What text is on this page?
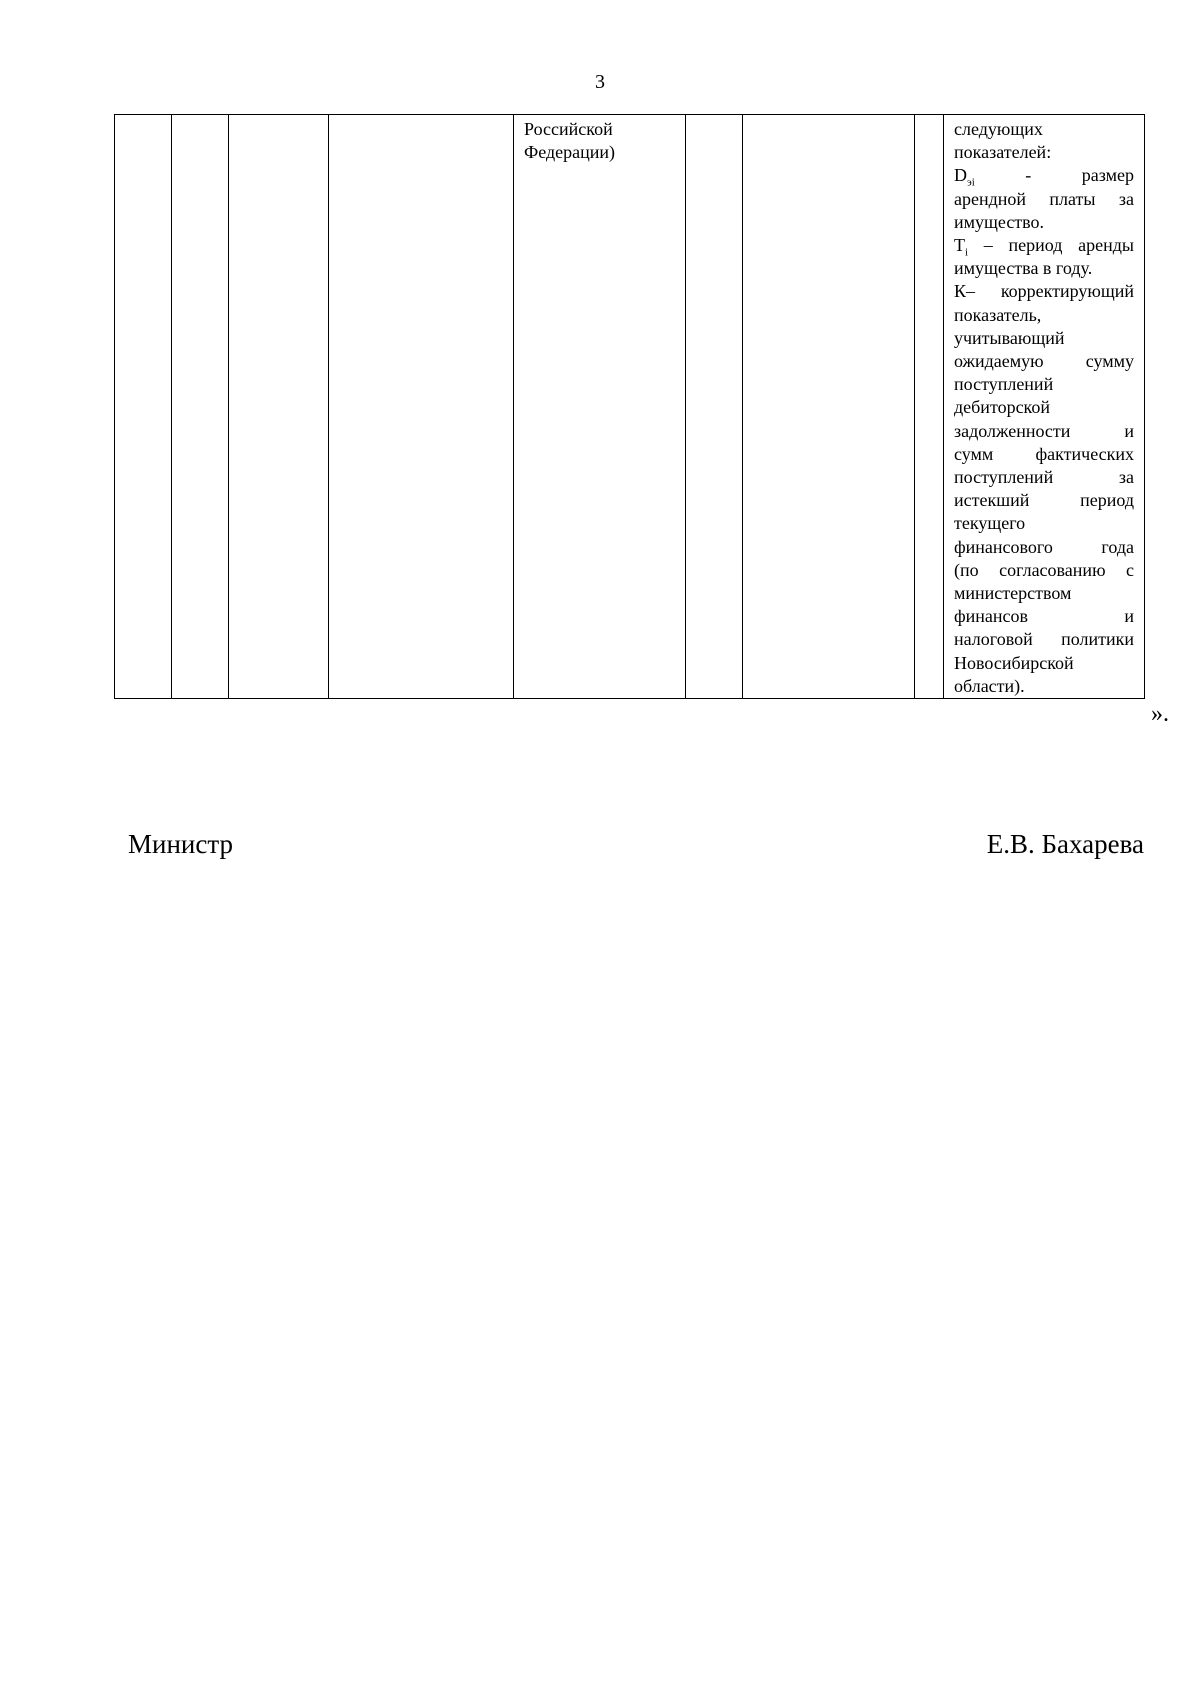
3

Российской
Федерации)

следующих
показателей:
$D_{эi}$ - размер
арендной платы за
имущество.
$T_i$ – период аренды
имущества в году.
К– корректирующий
показатель,
учитывающий
ожидаемую сумму
поступлений
дебиторской
задолженности и
сумм фактических
поступлений за
истекший период
текущего
финансового года
(по согласованию с
министерством
финансов и
налоговой политики
Новосибирской
области).
».
Министр	Е.В. Бахарева
